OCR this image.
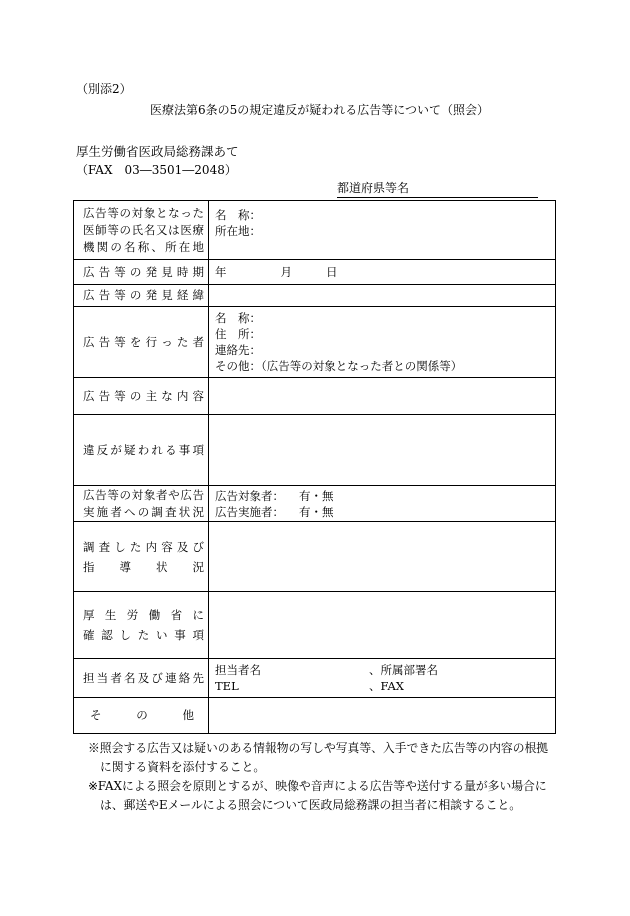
（別添2）
医療法第6条の5の規定違反が疑われる広告等について（照会）
厚生労働省医政局総務課あて
（FAX　03―3501―2048）
都道府県等名
広告等の対象となった
医師等の氏名又は医療
機関の名称、所在地	名　称：
所在地：

広告等の発見時期	年 月 日

広告等の発見経緯	

広告等を行った者	名　称：
住　所：
連絡先：
その他：（広告等の対象となった者との関係等）

広告等の主な内容	

違反が疑われる事項	

広告等の対象者や広告
実施者への調査状況	広告対象者： 有・無
広告実施者： 有・無

調査した内容及び
指導状況	

厚生労働省に
確認したい事項	

担当者名及び連絡先	担当者名 、所属部署名
TEL 、FAX

その他	

※照会する広告又は疑いのある情報物の写しや写真等、入手できた広告等の内容の根拠に関する資料を添付すること。
※FAXによる照会を原則とするが、映像や音声による広告等や送付する量が多い場合には、郵送やEメールによる照会について医政局総務課の担当者に相談すること。
